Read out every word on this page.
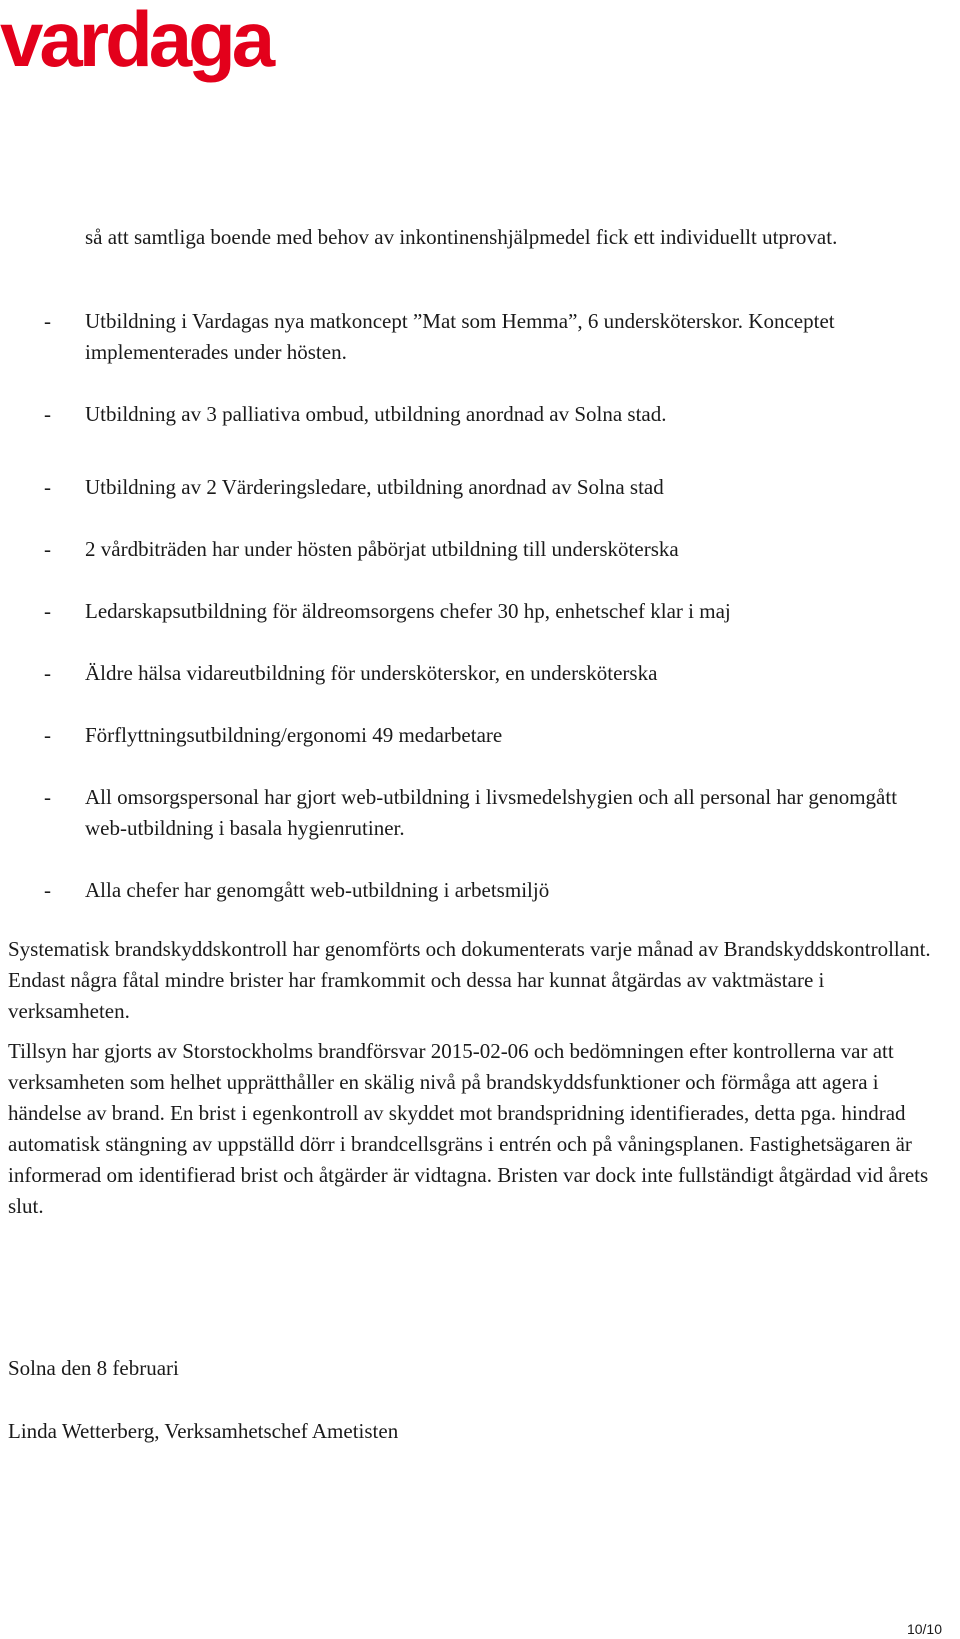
vardaga
så att samtliga boende med behov av inkontinenshjälpmedel fick ett individuellt utprovat.
- Utbildning i Vardagas nya matkoncept ”Mat som Hemma”, 6 undersköterskor. Konceptet implementerades under hösten.
- Utbildning av 3 palliativa ombud, utbildning anordnad av Solna stad.
- Utbildning av 2 Värderingsledare, utbildning anordnad av Solna stad
- 2 vårdbiträden har under hösten påbörjat utbildning till undersköterska
- Ledarskapsutbildning för äldreomsorgens chefer 30 hp, enhetschef klar i maj
- Äldre hälsa vidareutbildning för undersköterskor, en undersköterska
- Förflyttningsutbildning/ergonomi 49 medarbetare
- All omsorgspersonal har gjort web-utbildning i livsmedelshygien och all personal har genomgått web-utbildning i basala hygienrutiner.
- Alla chefer har genomgått web-utbildning i arbetsmiljö

Systematisk brandskyddskontroll har genomförts och dokumenterats varje månad av Brandskyddskontrollant. Endast några fåtal mindre brister har framkommit och dessa har kunnat åtgärdas av vaktmästare i verksamheten.

Tillsyn har gjorts av Storstockholms brandförsvar 2015-02-06 och bedömningen efter kontrollerna var att verksamheten som helhet upprätthåller en skälig nivå på brandskyddsfunktioner och förmåga att agera i händelse av brand. En brist i egenkontroll av skyddet mot brandspridning identifierades, detta pga. hindrad automatisk stängning av uppställd dörr i brandcellsgräns i entrén och på våningsplanen. Fastighetsägaren är informerad om identifierad brist och åtgärder är vidtagna. Bristen var dock inte fullständigt åtgärdad vid årets slut.

Solna den 8 februari

Linda Wetterberg, Verksamhetschef Ametisten

10/10
